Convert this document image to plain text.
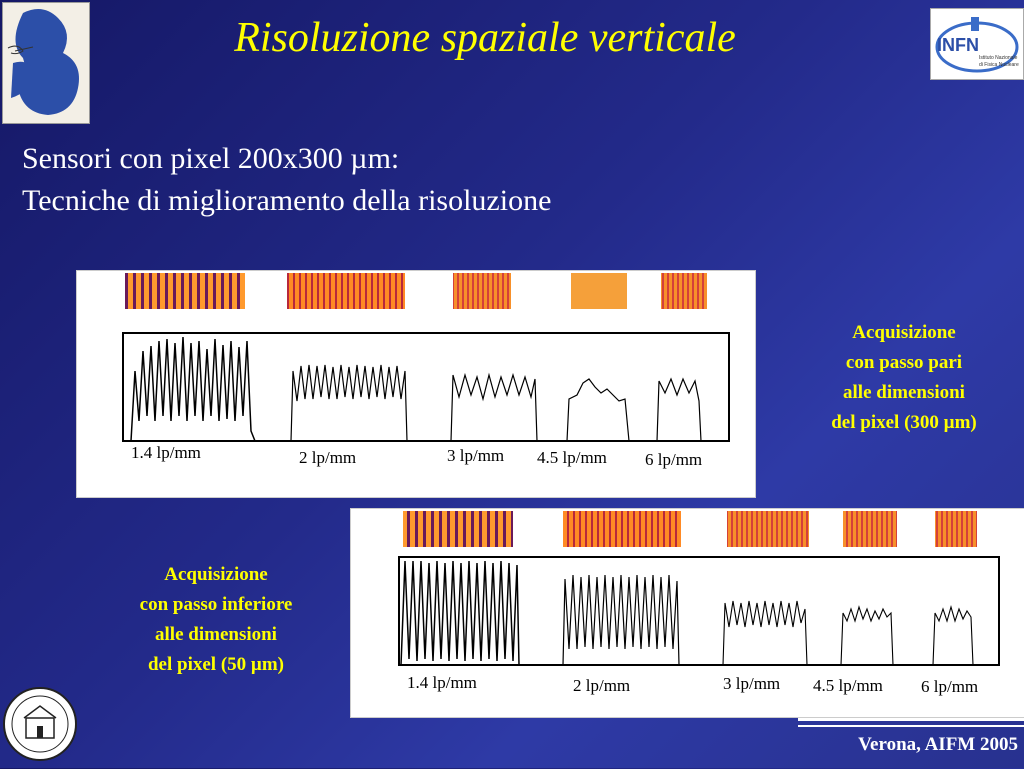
Risoluzione spaziale verticale	INFN
Istituto Nazionale
di Fisica Nucleare
Sensori con pixel 200x300 µm:
Tecniche di miglioramento della risoluzione
1.4 lp/mm	2 lp/mm	3 lp/mm 4.5 lp/mm 6 lp/mm
Acquisizione
con passo pari
alle dimensioni
del pixel (300 µm)
1.4 lp/mm	2 lp/mm	3 lp/mm 4.5 lp/mm 6 lp/mm
Acquisizione
con passo inferiore
alle dimensioni
del pixel (50 µm)
Verona, AIFM 2005
